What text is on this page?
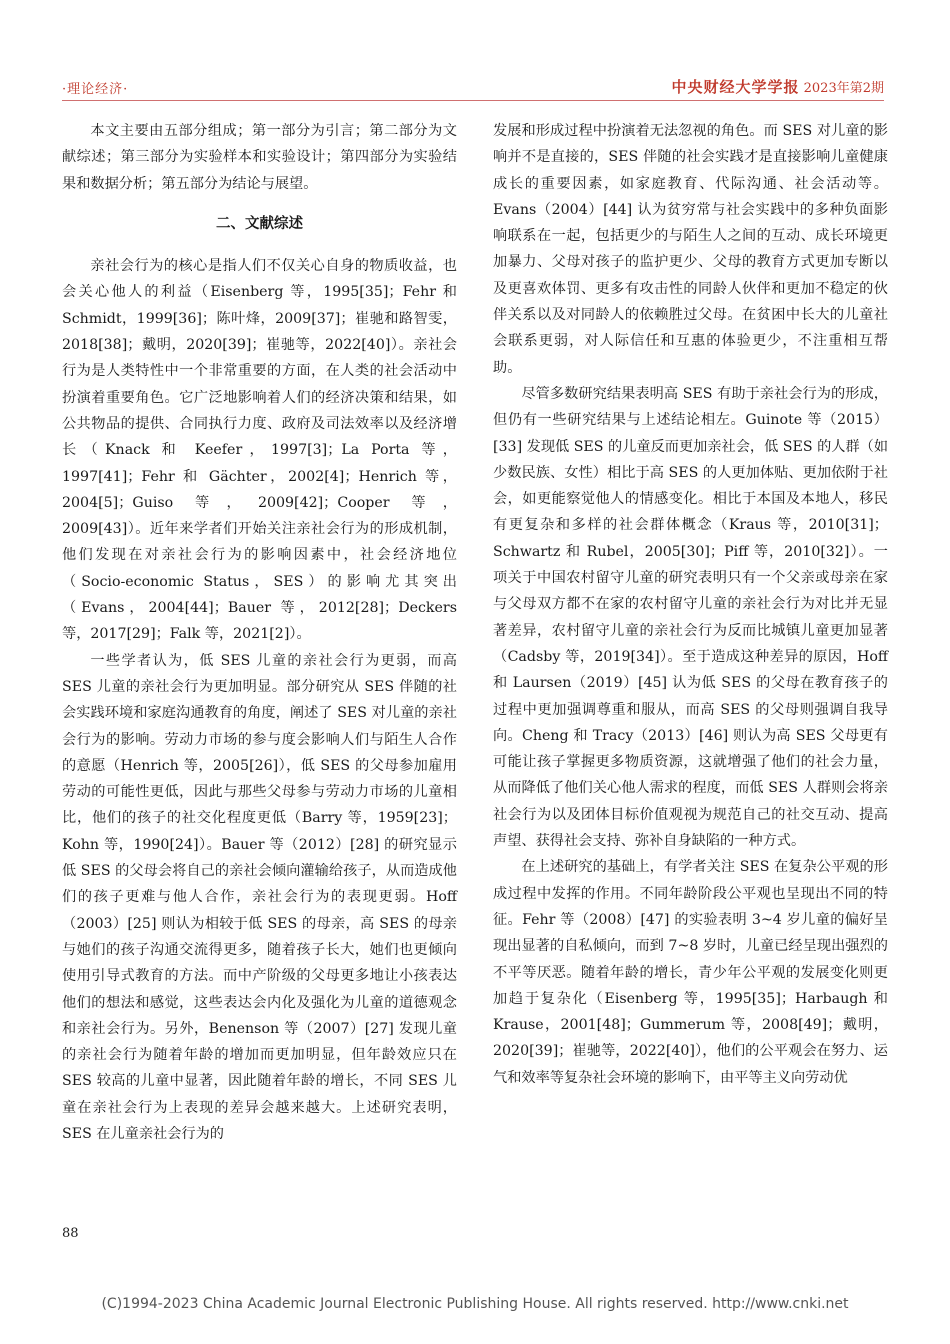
·理论经济·	中央财经大学学报 2023年第2期

本文主要由五部分组成；第一部分为引言；第二部分为文献综述；第三部分为实验样本和实验设计；第四部分为实验结果和数据分析；第五部分为结论与展望。

二、文献综述

亲社会行为的核心是指人们不仅关心自身的物质收益，也会关心他人的利益（Eisenberg 等，1995[35]；Fehr 和 Schmidt，1999[36]；陈叶烽，2009[37]；崔驰和路智雯，2018[38]；戴明，2020[39]；崔驰等，2022[40]）。亲社会行为是人类特性中一个非常重要的方面，在人类的社会活动中扮演着重要角色。它广泛地影响着人们的经济决策和结果，如公共物品的提供、合同执行力度、政府及司法效率以及经济增长（Knack 和 Keefer，1997[3]；La Porta 等，1997[41]；Fehr 和 Gächter，2002[4]；Henrich 等，2004[5]；Guiso 等，2009[42]；Cooper 等，2009[43]）。近年来学者们开始关注亲社会行为的形成机制，他们发现在对亲社会行为的影响因素中，社会经济地位（Socio-economic Status，SES）的影响尤其突出（Evans，2004[44]；Bauer 等，2012[28]；Deckers 等，2017[29]；Falk 等，2021[2]）。

一些学者认为，低 SES 儿童的亲社会行为更弱，而高 SES 儿童的亲社会行为更加明显。部分研究从 SES 伴随的社会实践环境和家庭沟通教育的角度，阐述了 SES 对儿童的亲社会行为的影响。劳动力市场的参与度会影响人们与陌生人合作的意愿（Henrich 等，2005[26]），低 SES 的父母参加雇用劳动的可能性更低，因此与那些父母参与劳动力市场的儿童相比，他们的孩子的社交化程度更低（Barry 等，1959[23]；Kohn 等，1990[24]）。Bauer 等（2012）[28] 的研究显示低 SES 的父母会将自己的亲社会倾向灌输给孩子，从而造成他们的孩子更难与他人合作，亲社会行为的表现更弱。Hoff（2003）[25] 则认为相较于低 SES 的母亲，高 SES 的母亲与她们的孩子沟通交流得更多，随着孩子长大，她们也更倾向使用引导式教育的方法。而中产阶级的父母更多地让小孩表达他们的想法和感觉，这些表达会内化及强化为儿童的道德观念和亲社会行为。另外，Benenson 等（2007）[27] 发现儿童的亲社会行为随着年龄的增加而更加明显，但年龄效应只在 SES 较高的儿童中显著，因此随着年龄的增长，不同 SES 儿童在亲社会行为上表现的差异会越来越大。上述研究表明，SES 在儿童亲社会行为的

发展和形成过程中扮演着无法忽视的角色。而 SES 对儿童的影响并不是直接的，SES 伴随的社会实践才是直接影响儿童健康成长的重要因素，如家庭教育、代际沟通、社会活动等。Evans（2004）[44] 认为贫穷常与社会实践中的多种负面影响联系在一起，包括更少的与陌生人之间的互动、成长环境更加暴力、父母对孩子的监护更少、父母的教育方式更加专断以及更喜欢体罚、更多有攻击性的同龄人伙伴和更加不稳定的伙伴关系以及对同龄人的依赖胜过父母。在贫困中长大的儿童社会联系更弱，对人际信任和互惠的体验更少，不注重相互帮助。

尽管多数研究结果表明高 SES 有助于亲社会行为的形成，但仍有一些研究结果与上述结论相左。Guinote 等（2015）[33] 发现低 SES 的儿童反而更加亲社会，低 SES 的人群（如少数民族、女性）相比于高 SES 的人更加体贴、更加依附于社会，如更能察觉他人的情感变化。相比于本国及本地人，移民有更复杂和多样的社会群体概念（Kraus 等，2010[31]；Schwartz 和 Rubel，2005[30]；Piff 等，2010[32]）。一项关于中国农村留守儿童的研究表明只有一个父亲或母亲在家与父母双方都不在家的农村留守儿童的亲社会行为对比并无显著差异，农村留守儿童的亲社会行为反而比城镇儿童更加显著（Cadsby 等，2019[34]）。至于造成这种差异的原因，Hoff 和 Laursen（2019）[45] 认为低 SES 的父母在教育孩子的过程中更加强调尊重和服从，而高 SES 的父母则强调自我导向。Cheng 和 Tracy（2013）[46] 则认为高 SES 父母更有可能让孩子掌握更多物质资源，这就增强了他们的社会力量，从而降低了他们关心他人需求的程度，而低 SES 人群则会将亲社会行为以及团体目标价值观视为规范自己的社交互动、提高声望、获得社会支持、弥补自身缺陷的一种方式。

在上述研究的基础上，有学者关注 SES 在复杂公平观的形成过程中发挥的作用。不同年龄阶段公平观也呈现出不同的特征。Fehr 等（2008）[47] 的实验表明 3~4 岁儿童的偏好呈现出显著的自私倾向，而到 7~8 岁时，儿童已经呈现出强烈的不平等厌恶。随着年龄的增长，青少年公平观的发展变化则更加趋于复杂化（Eisenberg 等，1995[35]；Harbaugh 和 Krause，2001[48]；Gummerum 等，2008[49]；戴明，2020[39]；崔驰等，2022[40]），他们的公平观会在努力、运气和效率等复杂社会环境的影响下，由平等主义向劳动优

88
(C)1994-2023 China Academic Journal Electronic Publishing House. All rights reserved. http://www.cnki.net
